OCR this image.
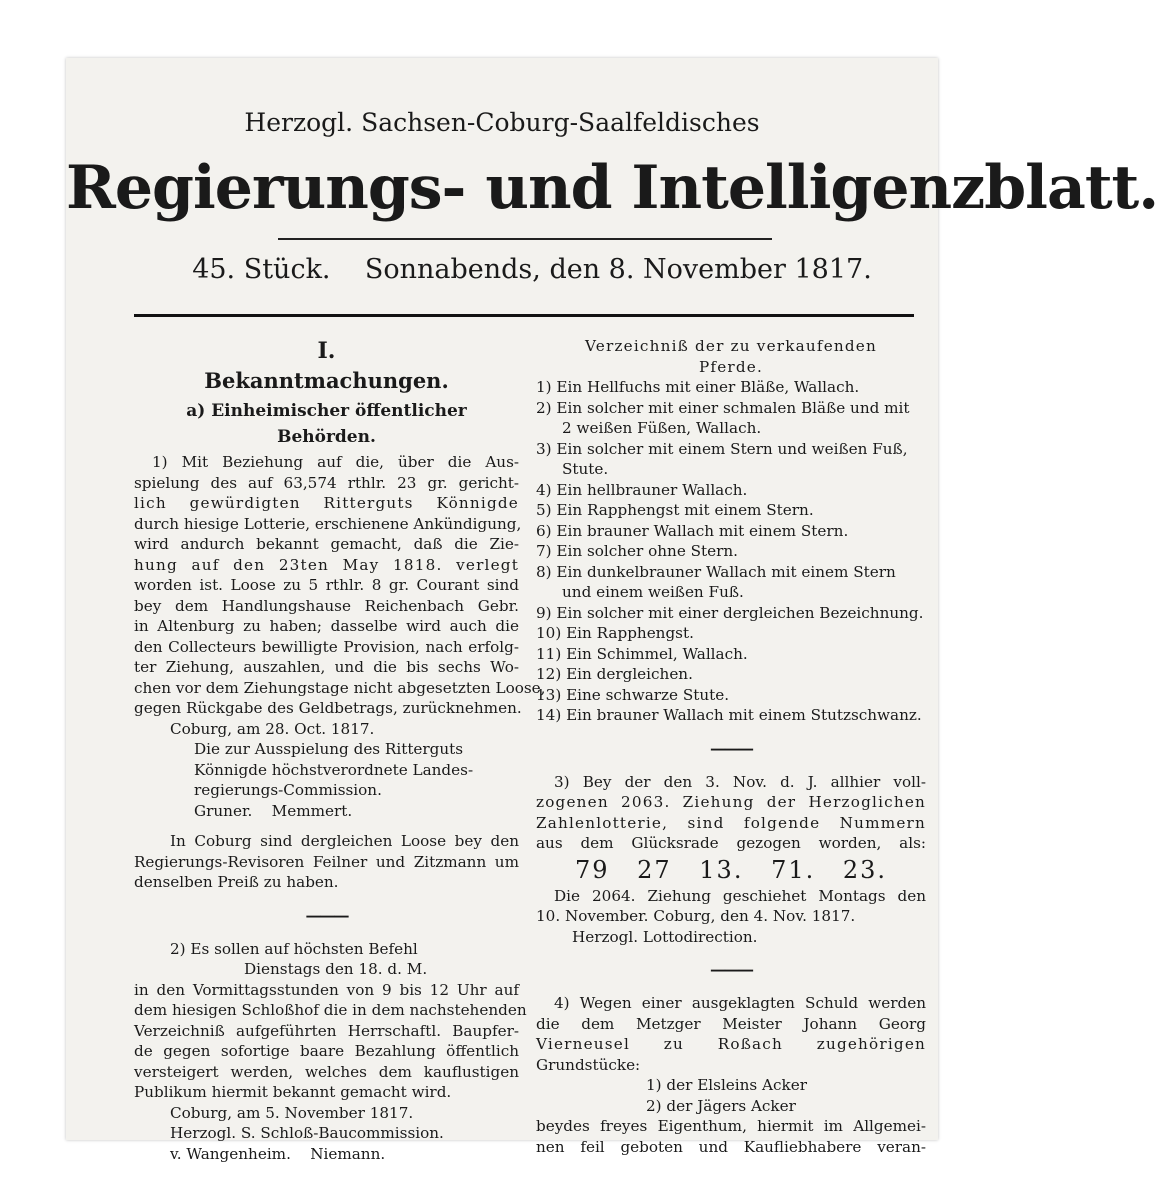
Herzogl. Sachsen-Coburg-Saalfeldisches
Regierungs- und Intelligenzblatt.
45. Stück. Sonnabends, den 8. November 1817.
I.
Bekanntmachungen.
a) Einheimischer öffentlicher Behörden.
1) Mit Beziehung auf die, über die Aus-
spielung des auf 63,574 rthlr. 23 gr. gericht-
lich gewürdigten Ritterguts Könnigde
durch hiesige Lotterie, erschienene Ankündigung,
wird andurch bekannt gemacht, daß die Zie-
hung auf den 23ten May 1818. verlegt
worden ist. Loose zu 5 rthlr. 8 gr. Courant sind
bey dem Handlungshause Reichenbach Gebr.
in Altenburg zu haben; dasselbe wird auch die
den Collecteurs bewilligte Provision, nach erfolg-
ter Ziehung, auszahlen, und die bis sechs Wo-
chen vor dem Ziehungstage nicht abgesetzten Loose,
gegen Rückgabe des Geldbetrags, zurücknehmen.
Coburg, am 28. Oct. 1817.
Die zur Ausspielung des Ritterguts
Könnigde höchstverordnete Landes-
regierungs-Commission.
Gruner.    Memmert.
In Coburg sind dergleichen Loose bey den
Regierungs-Revisoren Feilner und Zitzmann um
denselben Preiß zu haben.
———
2) Es sollen auf höchsten Befehl
Dienstags den 18. d. M.
in den Vormittagsstunden von 9 bis 12 Uhr auf
dem hiesigen Schloßhof die in dem nachstehenden
Verzeichniß aufgeführten Herrschaftl. Baupfer-
de gegen sofortige baare Bezahlung öffentlich
versteigert werden, welches dem kauflustigen
Publikum hiermit bekannt gemacht wird.
Coburg, am 5. November 1817.
Herzogl. S. Schloß-Baucommission.
v. Wangenheim.    Niemann.
Verzeichniß der zu verkaufenden
Pferde.
1) Ein Hellfuchs mit einer Bläße, Wallach.
2) Ein solcher mit einer schmalen Bläße und mit
2 weißen Füßen, Wallach.
3) Ein solcher mit einem Stern und weißen Fuß,
Stute.
4) Ein hellbrauner Wallach.
5) Ein Rapphengst mit einem Stern.
6) Ein brauner Wallach mit einem Stern.
7) Ein solcher ohne Stern.
8) Ein dunkelbrauner Wallach mit einem Stern
und einem weißen Fuß.
9) Ein solcher mit einer dergleichen Bezeichnung.
10) Ein Rapphengst.
11) Ein Schimmel, Wallach.
12) Ein dergleichen.
13) Eine schwarze Stute.
14) Ein brauner Wallach mit einem Stutzschwanz.
———
3) Bey der den 3. Nov. d. J. allhier voll-
zogenen 2063. Ziehung der Herzoglichen
Zahlenlotterie, sind folgende Nummern
aus dem Glücksrade gezogen worden, als:
79 27 13. 71. 23.
Die 2064. Ziehung geschiehet Montags den
10. November. Coburg, den 4. Nov. 1817.
Herzogl. Lottodirection.
———
4) Wegen einer ausgeklagten Schuld werden
die dem Metzger Meister Johann Georg
Vierneusel zu Roßach zugehörigen
Grundstücke:
1) der Elsleins Acker
2) der Jägers Acker
beydes freyes Eigenthum, hiermit im Allgemei-
nen feil geboten und Kaufliebhabere veran-
